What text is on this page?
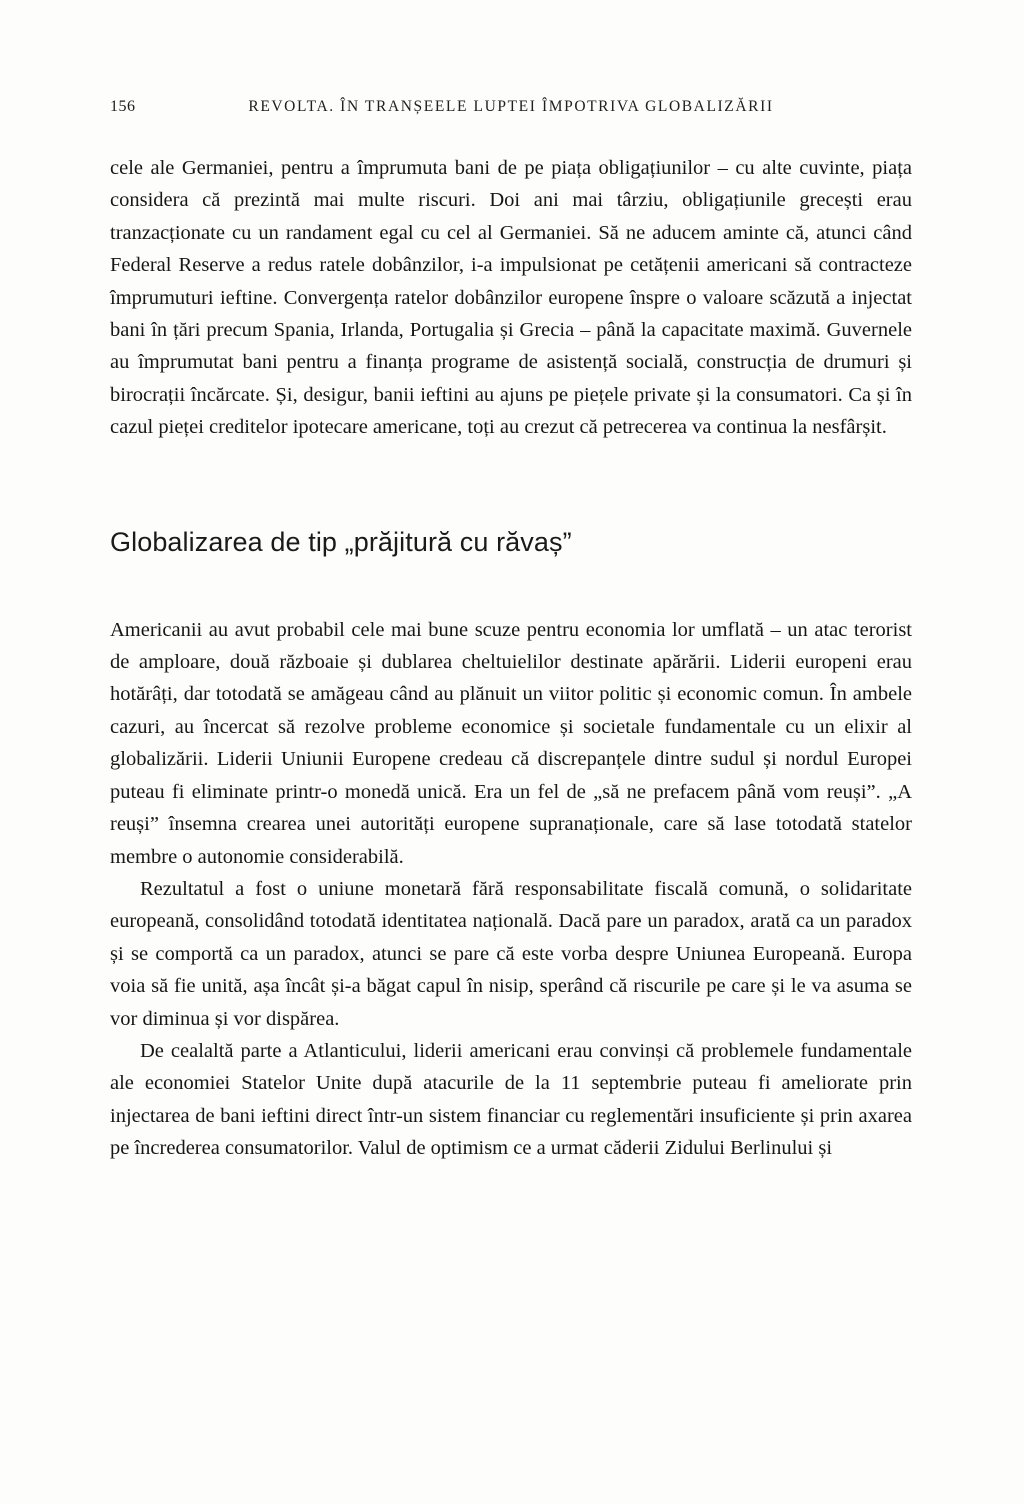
156	REVOLTA. ÎN TRANȘEELE LUPTEI ÎMPOTRIVA GLOBALIZĂRII

cele ale Germaniei, pentru a împrumuta bani de pe piața obligațiunilor – cu alte cuvinte, piața considera că prezintă mai multe riscuri. Doi ani mai târziu, obligațiunile grecești erau tranzacționate cu un randament egal cu cel al Germaniei. Să ne aducem aminte că, atunci când Federal Reserve a redus ratele dobânzilor, i-a impulsionat pe cetățenii americani să contracteze împrumuturi ieftine. Convergența ratelor dobânzilor europene înspre o valoare scăzută a injectat bani în țări precum Spania, Irlanda, Portugalia și Grecia – până la capacitate maximă. Guvernele au împrumutat bani pentru a finanța programe de asistență socială, construcția de drumuri și birocrații încărcate. Și, desigur, banii ieftini au ajuns pe piețele private și la consumatori. Ca și în cazul pieței creditelor ipotecare americane, toți au crezut că petrecerea va continua la nesfârșit.

Globalizarea de tip „prăjitură cu răvaș”

Americanii au avut probabil cele mai bune scuze pentru economia lor umflată – un atac terorist de amploare, două războaie și dublarea cheltuielilor destinate apărării. Liderii europeni erau hotărâți, dar totodată se amăgeau când au plănuit un viitor politic și economic comun. În ambele cazuri, au încercat să rezolve probleme economice și societale fundamentale cu un elixir al globalizării. Liderii Uniunii Europene credeau că discrepanțele dintre sudul și nordul Europei puteau fi eliminate printr-o monedă unică. Era un fel de „să ne prefacem până vom reuși”. „A reuși” însemna crearea unei autorități europene supranaționale, care să lase totodată statelor membre o autonomie considerabilă.

Rezultatul a fost o uniune monetară fără responsabilitate fiscală comună, o solidaritate europeană, consolidând totodată identitatea națională. Dacă pare un paradox, arată ca un paradox și se comportă ca un paradox, atunci se pare că este vorba despre Uniunea Europeană. Europa voia să fie unită, așa încât și-a băgat capul în nisip, sperând că riscurile pe care și le va asuma se vor diminua și vor dispărea.

De cealaltă parte a Atlanticului, liderii americani erau convinși că problemele fundamentale ale economiei Statelor Unite după atacurile de la 11 septembrie puteau fi ameliorate prin injectarea de bani ieftini direct într-un sistem financiar cu reglementări insuficiente și prin axarea pe încrederea consumatorilor. Valul de optimism ce a urmat căderii Zidului Berlinului și
